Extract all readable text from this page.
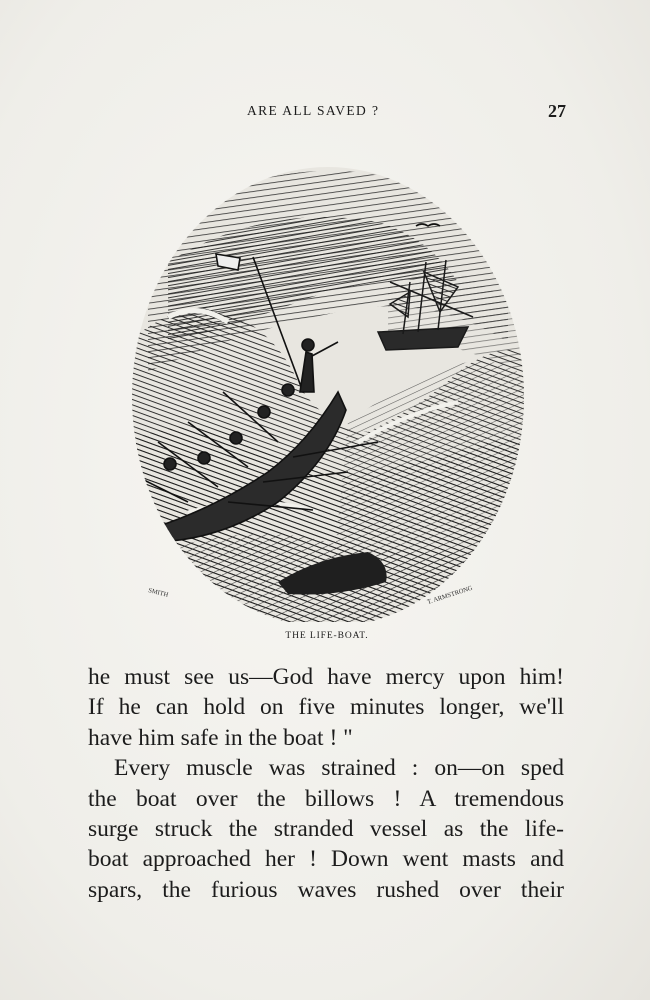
ARE ALL SAVED ?	27
SMITH	T. ARMSTRONG
THE LIFE-BOAT.
he must see us—God have mercy upon him!
If he can hold on five minutes longer, we'll
have him safe in the boat ! "
Every muscle was strained : on—on sped
the boat over the billows ! A tremendous
surge struck the stranded vessel as the life-
boat approached her ! Down went masts and
spars, the furious waves rushed over their
